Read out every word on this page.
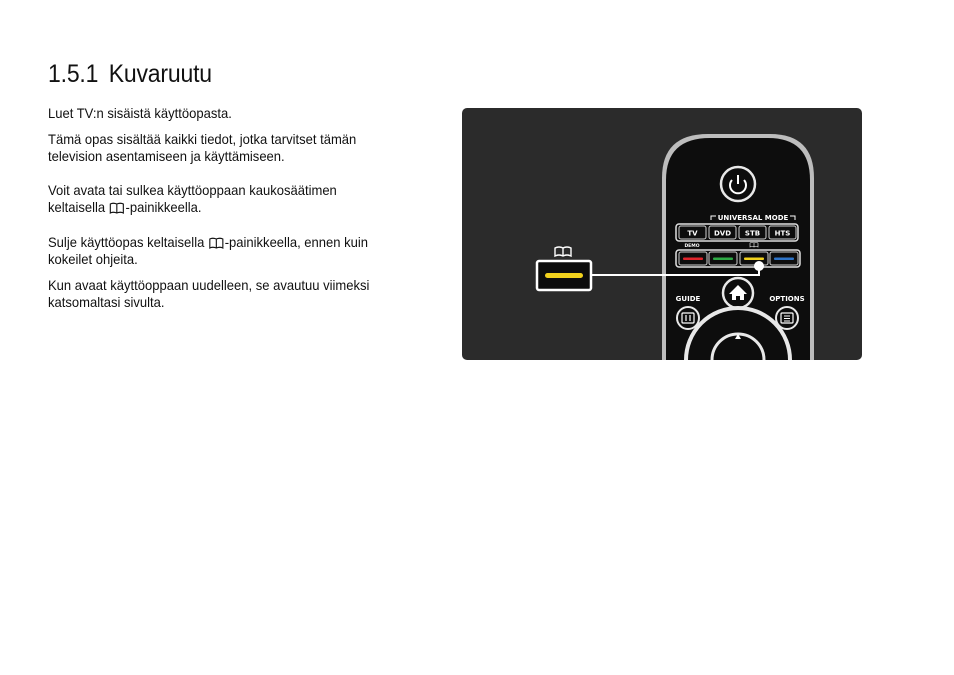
1.5.1 Kuvaruutu

Luet TV:n sisäistä käyttöopasta.

Tämä opas sisältää kaikki tiedot, jotka tarvitset tämän

television asentamiseen ja käyttämiseen.

Voit avata tai sulkea käyttöoppaan kaukosäätimen

keltaisella -painikkeella.

Sulje käyttöopas keltaisella -painikkeella, ennen kuin

kokeilet ohjeita.

Kun avaat käyttöoppaan uudelleen, se avautuu viimeksi

katsomaltasi sivulta.

UNIVERSAL MODE
TV DVD STB HTS
DEMO
GUIDE	OPTIONS
